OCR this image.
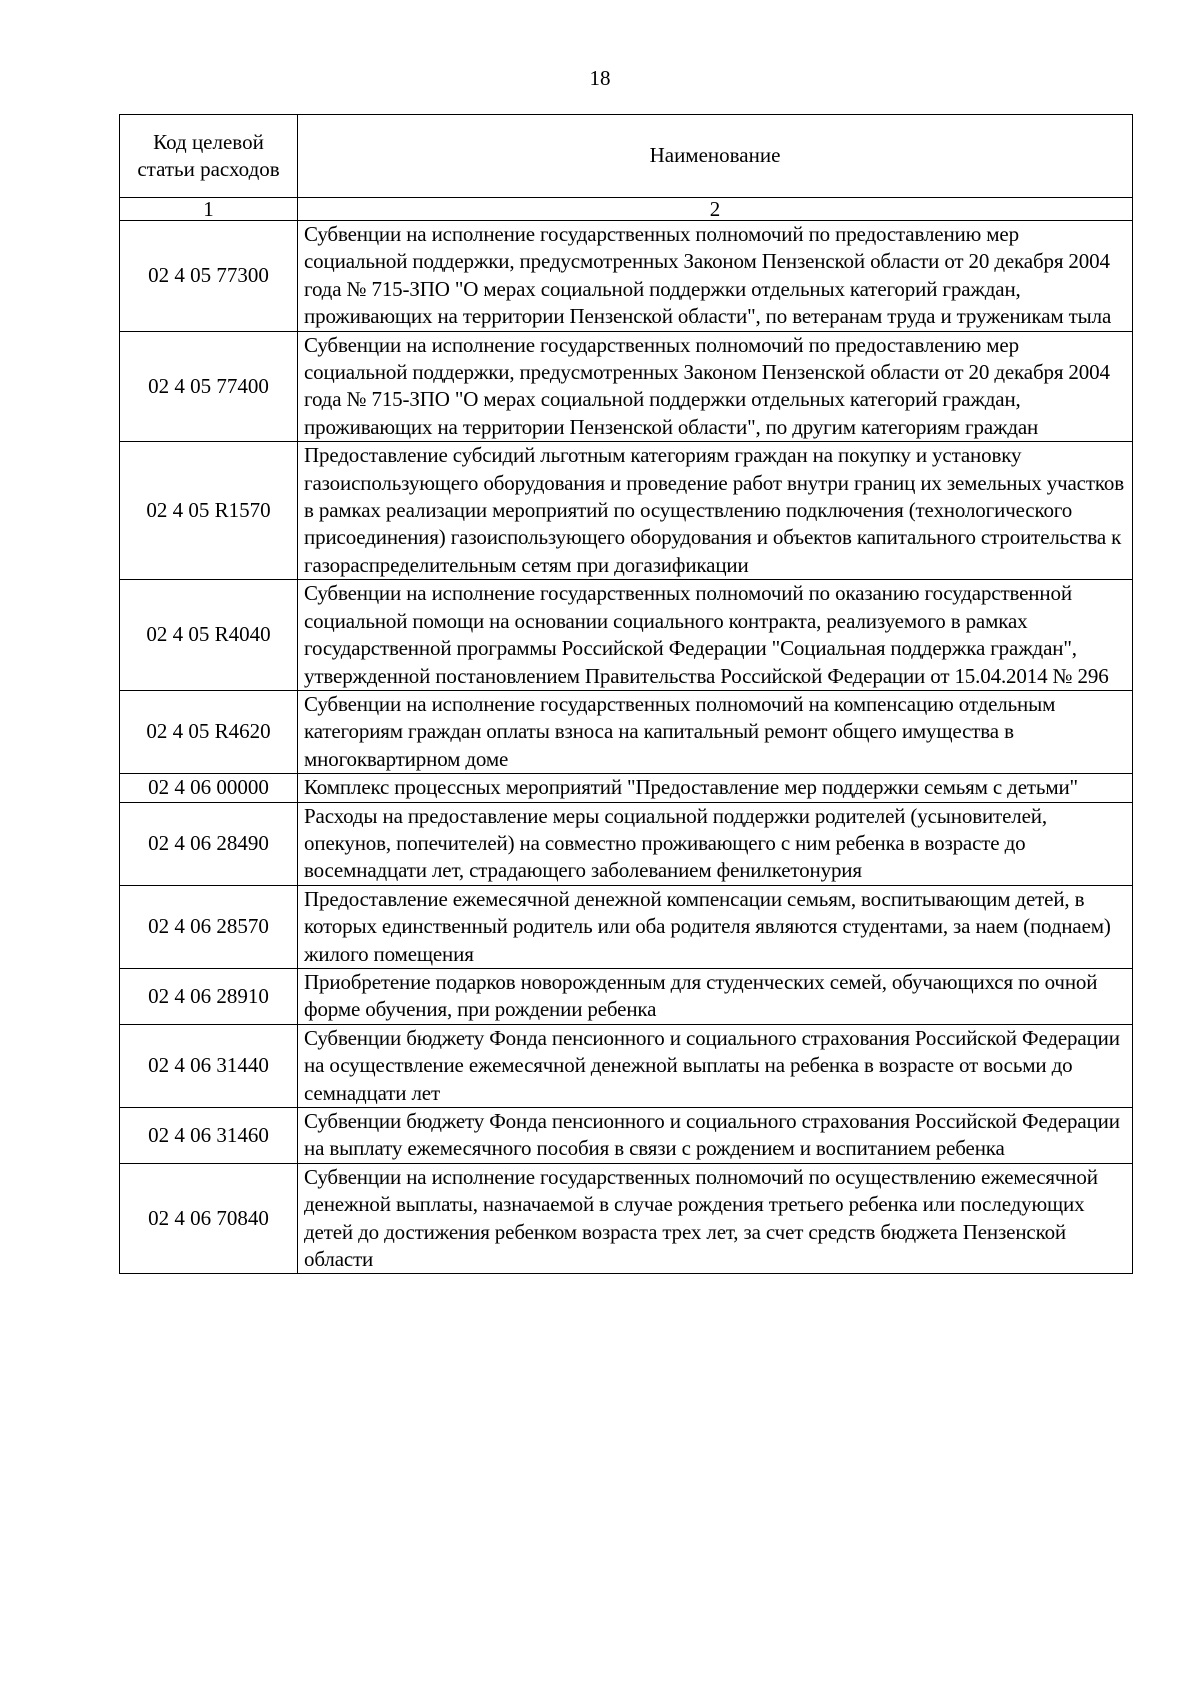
18
Код целевой статьи расходов	Наименование
1	2
02 4 05 77300	Субвенции на исполнение государственных полномочий по предоставлению мер социальной поддержки, предусмотренных Законом Пензенской области от 20 декабря 2004 года № 715-ЗПО "О мерах социальной поддержки отдельных категорий граждан, проживающих на территории Пензенской области", по ветеранам труда и труженикам тыла
02 4 05 77400	Субвенции на исполнение государственных полномочий по предоставлению мер социальной поддержки, предусмотренных Законом Пензенской области от 20 декабря 2004 года № 715-ЗПО "О мерах социальной поддержки отдельных категорий граждан, проживающих на территории Пензенской области", по другим категориям граждан
02 4 05 R1570	Предоставление субсидий льготным категориям граждан на покупку и установку газоиспользующего оборудования и проведение работ внутри границ их земельных участков в рамках реализации мероприятий по осуществлению подключения (технологического присоединения) газоиспользующего оборудования и объектов капитального строительства к газораспределительным сетям при догазификации
02 4 05 R4040	Субвенции на исполнение государственных полномочий по оказанию государственной социальной помощи на основании социального контракта, реализуемого в рамках государственной программы Российской Федерации "Социальная поддержка граждан", утвержденной постановлением Правительства Российской Федерации от 15.04.2014 № 296
02 4 05 R4620	Субвенции на исполнение государственных полномочий на компенсацию отдельным категориям граждан оплаты взноса на капитальный ремонт общего имущества в многоквартирном доме
02 4 06 00000	Комплекс процессных мероприятий "Предоставление мер поддержки семьям с детьми"
02 4 06 28490	Расходы на предоставление меры социальной поддержки родителей (усыновителей, опекунов, попечителей) на совместно проживающего с ним ребенка в возрасте до восемнадцати лет, страдающего заболеванием фенилкетонурия
02 4 06 28570	Предоставление ежемесячной денежной компенсации семьям, воспитывающим детей, в которых единственный родитель или оба родителя являются студентами, за наем (поднаем) жилого помещения
02 4 06 28910	Приобретение подарков новорожденным для студенческих семей, обучающихся по очной форме обучения, при рождении ребенка
02 4 06 31440	Субвенции бюджету Фонда пенсионного и социального страхования Российской Федерации на осуществление ежемесячной денежной выплаты на ребенка в возрасте от восьми до семнадцати лет
02 4 06 31460	Субвенции бюджету Фонда пенсионного и социального страхования Российской Федерации на выплату ежемесячного пособия в связи с рождением и воспитанием ребенка
02 4 06 70840	Субвенции на исполнение государственных полномочий по осуществлению ежемесячной денежной выплаты, назначаемой в случае рождения третьего ребенка или последующих детей до достижения ребенком возраста трех лет, за счет средств бюджета Пензенской области
